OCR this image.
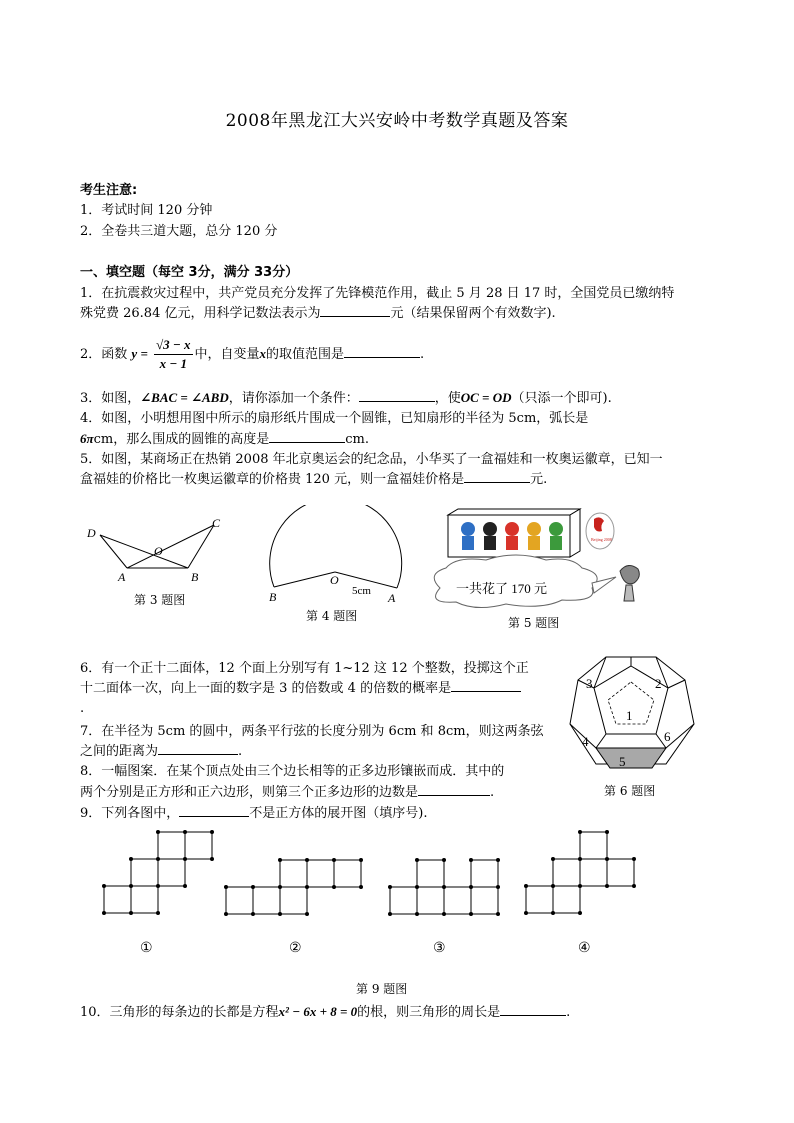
2008年黑龙江大兴安岭中考数学真题及答案
考生注意:
1．考试时间 120 分钟
2．全卷共三道大题，总分 120 分
一、填空题（每空 3分，满分 33分）
1．在抗震救灾过程中，共产党员充分发挥了先锋模范作用，截止 5 月 28 日 17 时，全国党员已缴纳特
殊党费 26.84 亿元，用科学记数法表示为	元（结果保留两个有效数字).
2．函数 $y = \frac{√3 - x}{x - 1}$ 中，自变量x的取值范围是	.
3．如图，∠BAC = ∠ABD，请你添加一个条件：	，使OC = OD（只添一个即可).
4．如图，小明想用图中所示的扇形纸片围成一个圆锥，已知扇形的半径为 5cm，弧长是
6πcm，那么围成的圆锥的高度是	cm.
5．如图，某商场正在热销 2008 年北京奥运会的纪念品，小华买了一盒福娃和一枚奥运徽章，已知一
盒福娃的价格比一枚奥运徽章的价格贵 120 元，则一盒福娃价格是	元.
D
C
O
A	B
第 3 题图
O
B	A
5cm
第 4 题图
Beijing 2008
一共花了 170 元
第 5 题图
6．有一个正十二面体，12 个面上分别写有 1~12 这 12 个整数，投掷这个正
十二面体一次，向上一面的数字是 3 的倍数或 4 的倍数的概率是
.
7．在半径为 5cm 的圆中，两条平行弦的长度分别为 6cm 和 8cm，则这两条弦
之间的距离为	.
8．一幅图案．在某个顶点处由三个边长相等的正多边形镶嵌而成．其中的
两个分别是正方形和正六边形，则第三个正多边形的边数是	.
1
2
3
4
5
6
第 6 题图
9．下列各图中，	不是正方体的展开图（填序号).
①	②	③	④
第 9 题图
10．三角形的每条边的长都是方程x² − 6x + 8 = 0的根，则三角形的周长是	.
